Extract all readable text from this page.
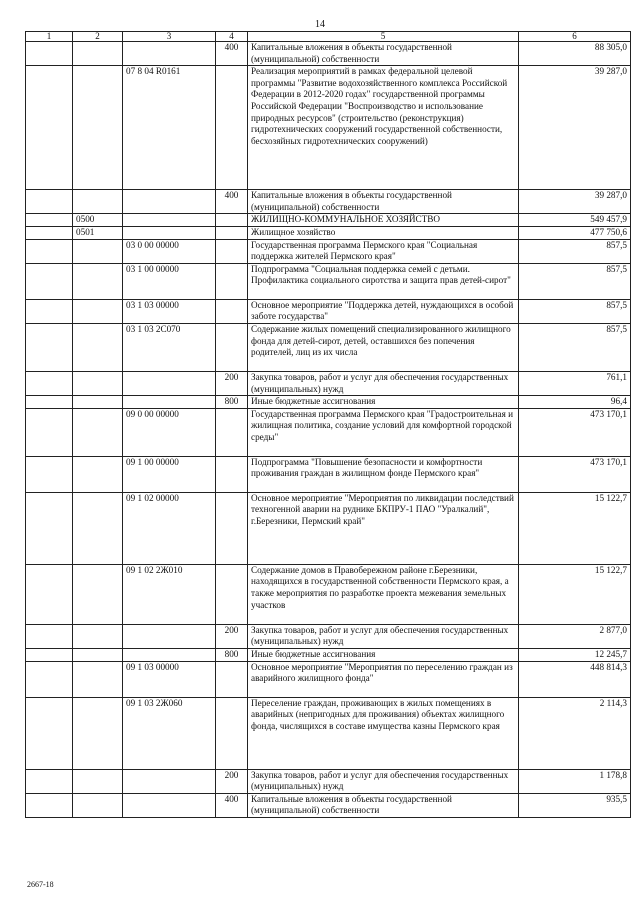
14
1	2	3	4	5	6
			400	Капитальные вложения в объекты государственной (муниципальной) собственности	88 305,0
		07 8 04 R0161		Реализация мероприятий в рамках федеральной целевой программы "Развитие водохозяйственного комплекса Российской Федерации в 2012-2020 годах" государственной программы Российской Федерации "Воспроизводство и использование природных ресурсов" (строительство (реконструкция) гидротехнических сооружений государственной собственности, бесхозяйных гидротехнических сооружений)	39 287,0
			400	Капитальные вложения в объекты государственной (муниципальной) собственности	39 287,0
	0500			ЖИЛИЩНО-КОММУНАЛЬНОЕ ХОЗЯЙСТВО	549 457,9
	0501			Жилищное хозяйство	477 750,6
		03 0 00 00000		Государственная программа Пермского края "Социальная поддержка жителей Пермского края"	857,5
		03 1 00 00000		Подпрограмма "Социальная поддержка семей с детьми. Профилактика социального сиротства и защита прав детей-сирот"	857,5
		03 1 03 00000		Основное мероприятие "Поддержка детей, нуждающихся в особой заботе государства"	857,5
		03 1 03 2С070		Содержание жилых помещений специализированного жилищного фонда для детей-сирот, детей, оставшихся без попечения родителей, лиц из их числа	857,5
			200	Закупка товаров, работ и услуг для обеспечения государственных (муниципальных) нужд	761,1
			800	Иные бюджетные ассигнования	96,4
		09 0 00 00000		Государственная программа Пермского края "Градостроительная и жилищная политика, создание условий для комфортной городской среды"	473 170,1
		09 1 00 00000		Подпрограмма "Повышение безопасности и комфортности проживания граждан в жилищном фонде Пермского края"	473 170,1
		09 1 02 00000		Основное мероприятие "Мероприятия по ликвидации последствий техногенной аварии на руднике БКПРУ-1 ПАО "Уралкалий", г.Березники, Пермский край"	15 122,7
		09 1 02 2Ж010		Содержание домов в Правобережном районе г.Березники, находящихся в государственной собственности Пермского края, а также мероприятия по разработке проекта межевания земельных участков	15 122,7
			200	Закупка товаров, работ и услуг для обеспечения государственных (муниципальных) нужд	2 877,0
			800	Иные бюджетные ассигнования	12 245,7
		09 1 03 00000		Основное мероприятие "Мероприятия по переселению граждан из аварийного жилищного фонда"	448 814,3
		09 1 03 2Ж060		Переселение граждан, проживающих в жилых помещениях в аварийных (непригодных для проживания) объектах жилищного фонда, числящихся в составе имущества казны Пермского края	2 114,3
			200	Закупка товаров, работ и услуг для обеспечения государственных (муниципальных) нужд	1 178,8
			400	Капитальные вложения в объекты государственной (муниципальной) собственности	935,5
2667-18
